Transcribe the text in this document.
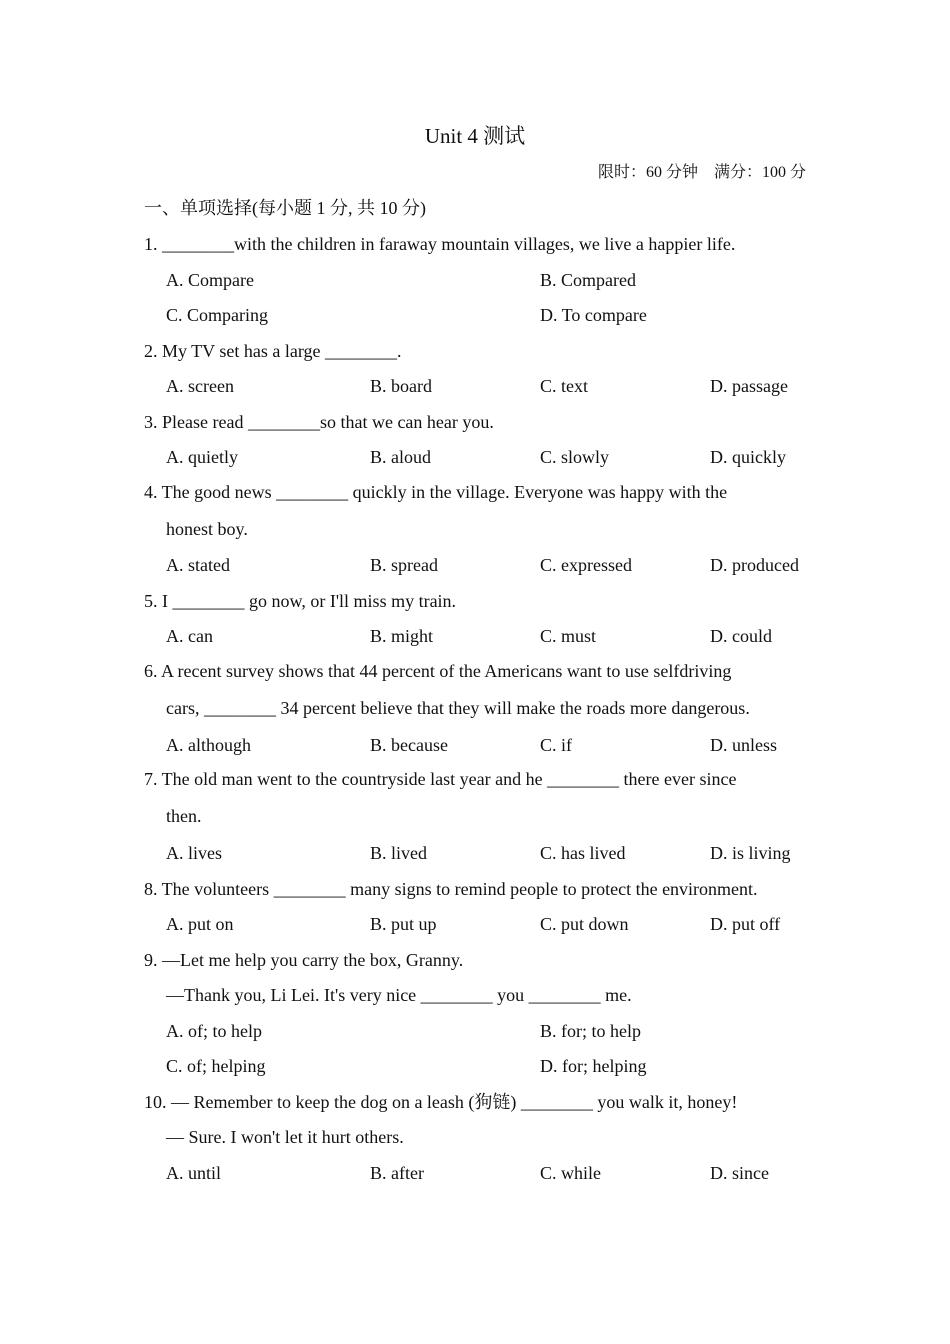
Unit 4 测试
限时：60 分钟 满分：100 分
一、单项选择(每小题 1 分, 共 10 分)
1. ________with the children in faraway mountain villages, we live a happier life.
A. Compare	B. Compared
C. Comparing	D. To compare
2. My TV set has a large ________.
A. screen	B. board	C. text	D. passage
3. Please read ________so that we can hear you.
A. quietly	B. aloud	C. slowly	D. quickly
4. The good news ________ quickly in the village. Everyone was happy with the
honest boy.
A. stated	B. spread	C. expressed	D. produced
5. I ________ go now, or I'll miss my train.
A. can	B. might	C. must	D. could
6. A recent survey shows that 44 percent of the Americans want to use selfdriving
cars, ________ 34 percent believe that they will make the roads more dangerous.
A. although	B. because	C. if	D. unless
7. The old man went to the countryside last year and he ________ there ever since
then.
A. lives	B. lived	C. has lived	D. is living
8. The volunteers ________ many signs to remind people to protect the environment.
A. put on	B. put up	C. put down	D. put off
9. —Let me help you carry the box, Granny.
—Thank you, Li Lei. It's very nice ________ you ________ me.
A. of; to help	B. for; to help
C. of; helping	D. for; helping
10. — Remember to keep the dog on a leash (狗链) ________ you walk it, honey!
— Sure. I won't let it hurt others.
A. until	B. after	C. while	D. since
